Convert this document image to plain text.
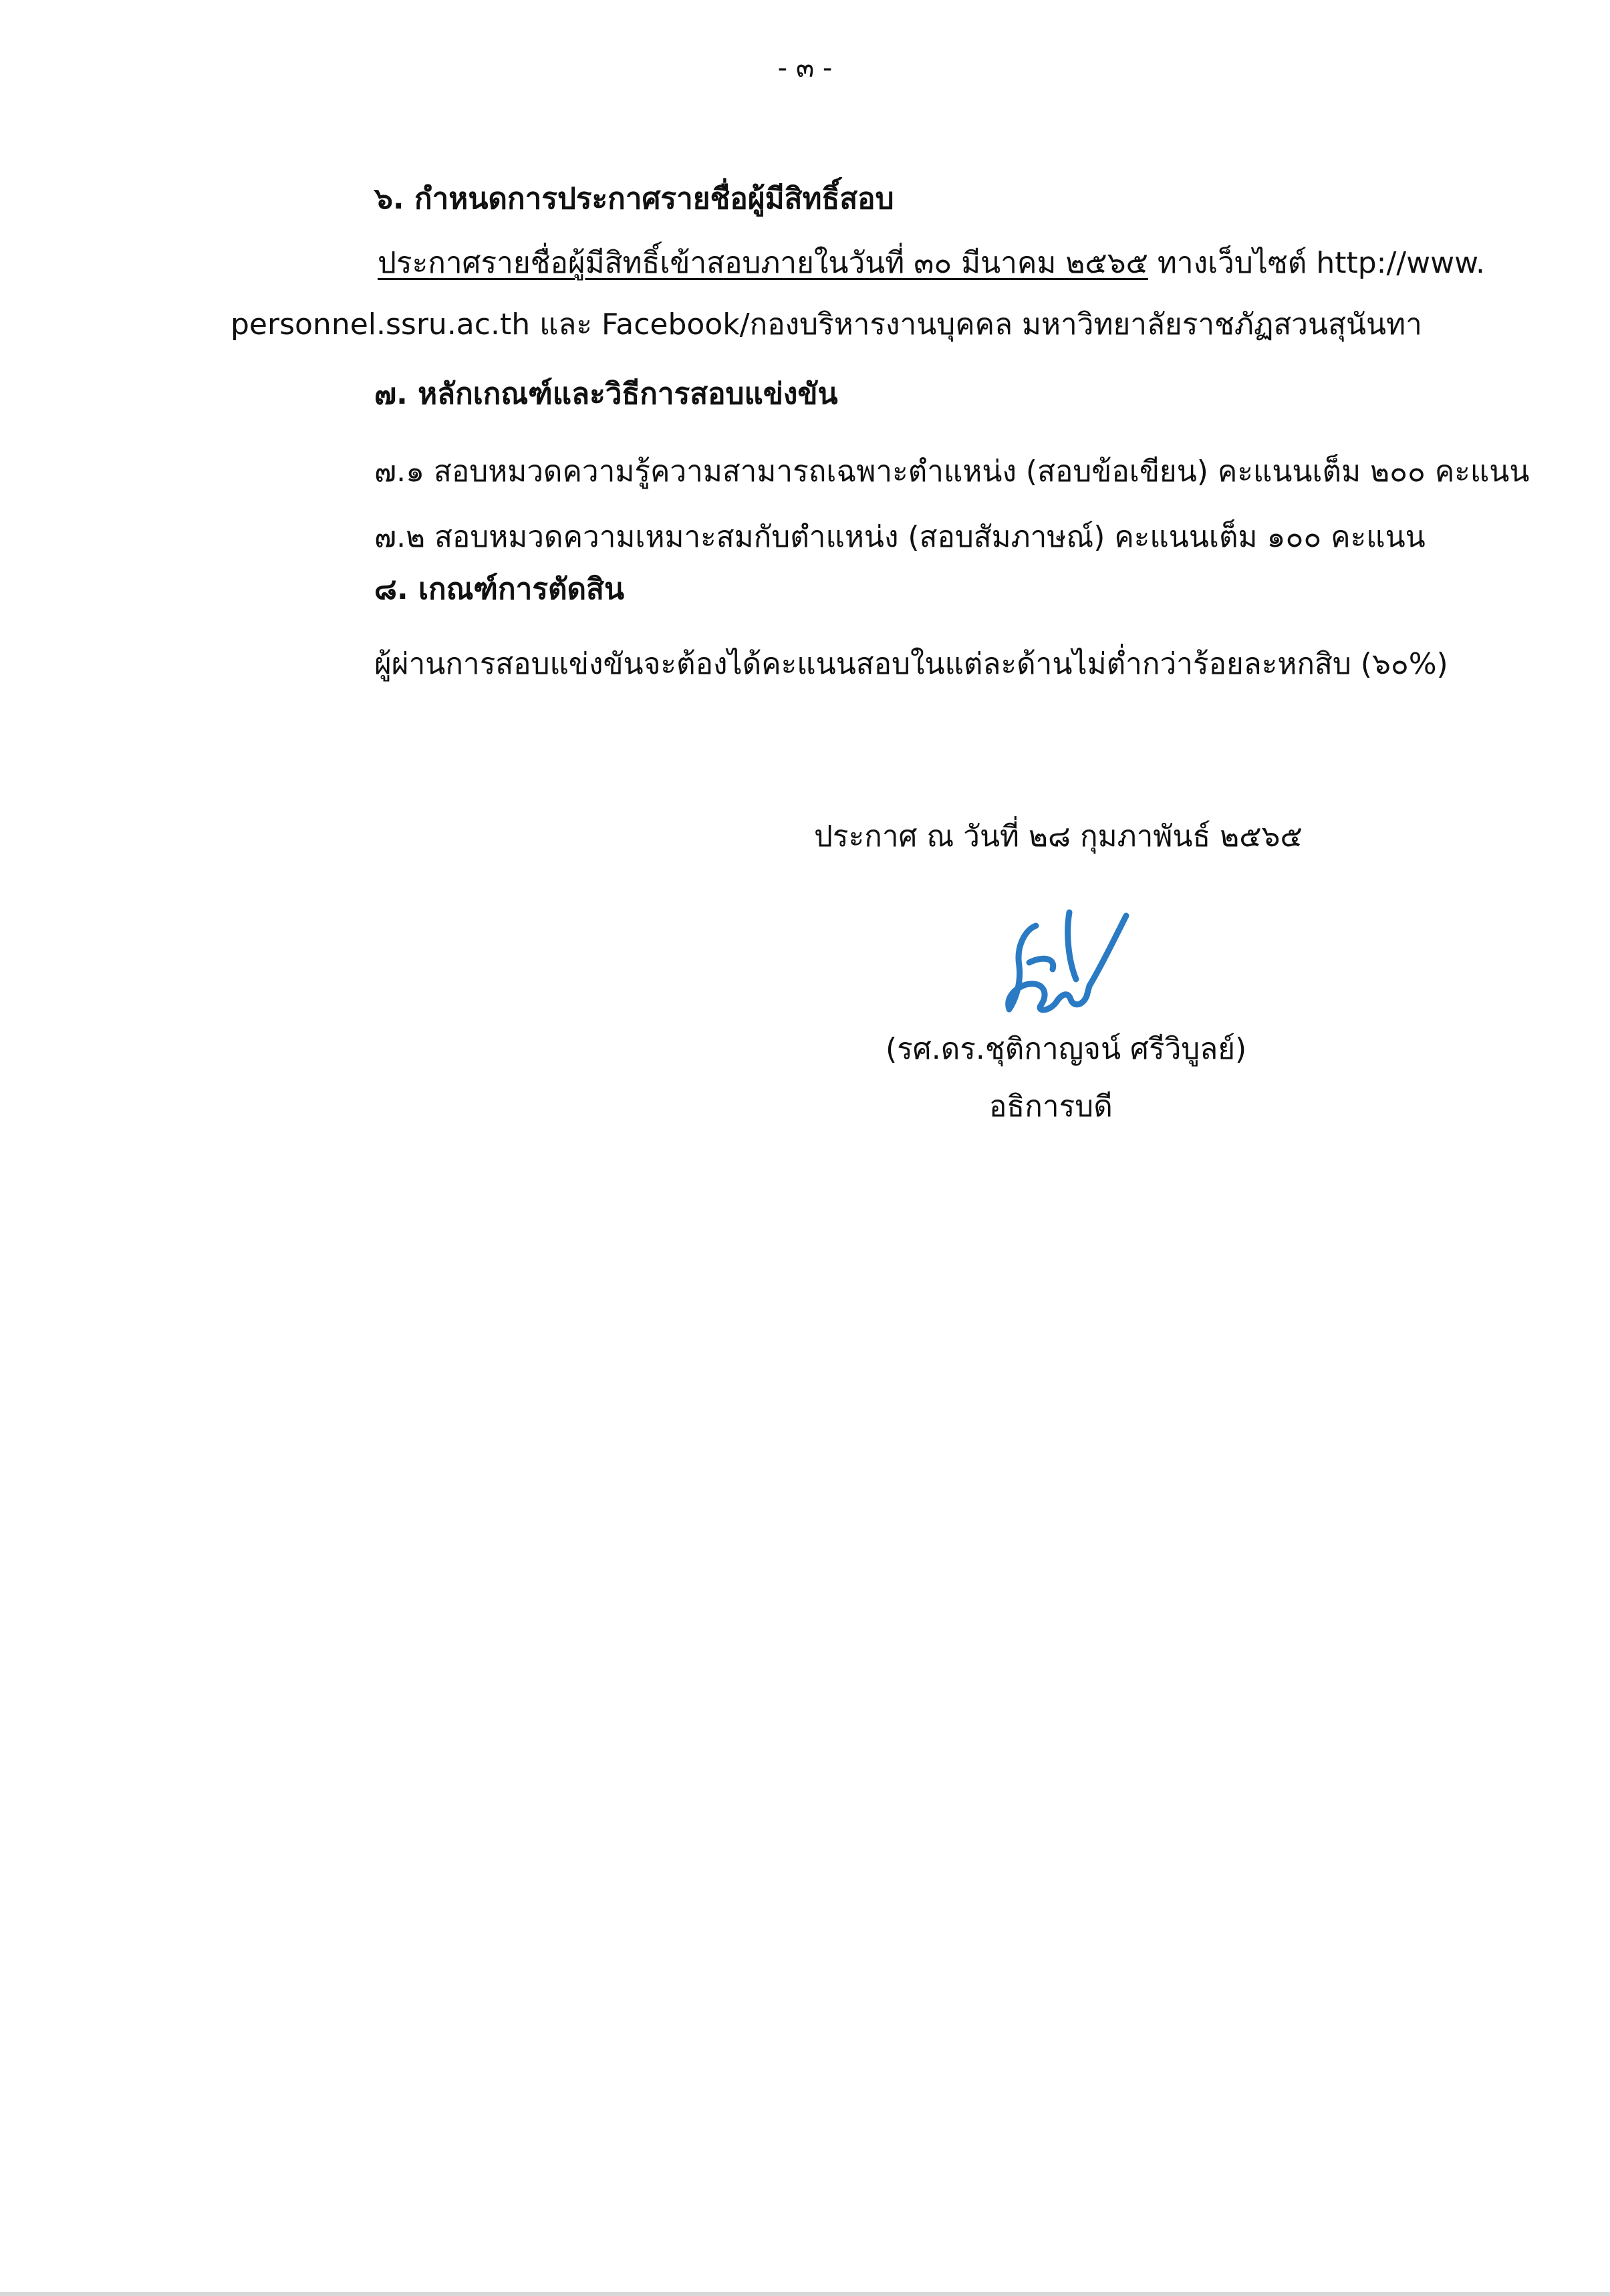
- ๓ -
๖. กำหนดการประกาศรายชื่อผู้มีสิทธิ์สอบ
ประกาศรายชื่อผู้มีสิทธิ์เข้าสอบภายในวันที่ ๓๐ มีนาคม ๒๕๖๕ ทางเว็บไซต์ http://www.
personnel.ssru.ac.th และ Facebook/กองบริหารงานบุคคล มหาวิทยาลัยราชภัฏสวนสุนันทา
๗. หลักเกณฑ์และวิธีการสอบแข่งขัน
๗.๑ สอบหมวดความรู้ความสามารถเฉพาะตำแหน่ง (สอบข้อเขียน) คะแนนเต็ม ๒๐๐ คะแนน
๗.๒ สอบหมวดความเหมาะสมกับตำแหน่ง (สอบสัมภาษณ์) คะแนนเต็ม ๑๐๐ คะแนน
๘. เกณฑ์การตัดสิน
ผู้ผ่านการสอบแข่งขันจะต้องได้คะแนนสอบในแต่ละด้านไม่ต่ำกว่าร้อยละหกสิบ (๖๐%)
ประกาศ ณ วันที่ ๒๘ กุมภาพันธ์ ๒๕๖๕
(รศ.ดร.ชุติกาญจน์ ศรีวิบูลย์)
อธิการบดี
